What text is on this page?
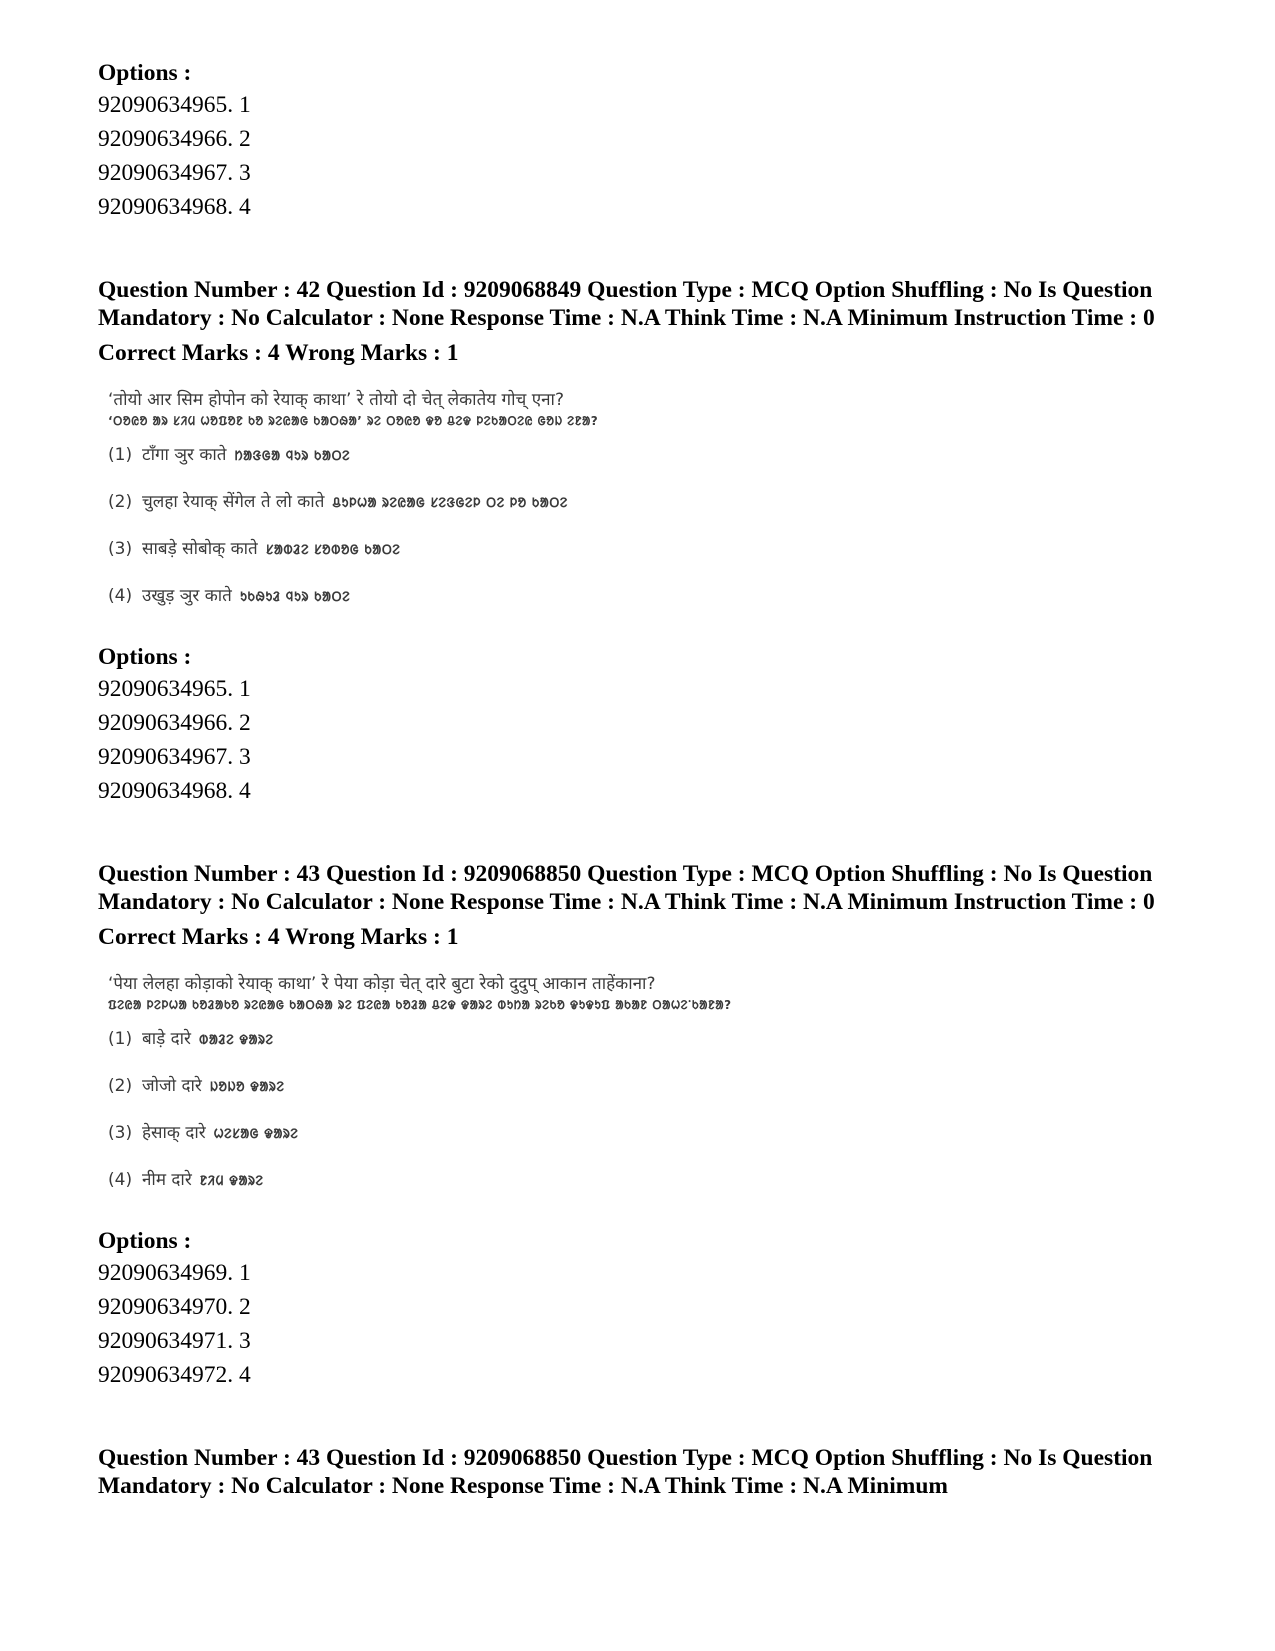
Options :
92090634965. 1
92090634966. 2
92090634967. 3
92090634968. 4
Question Number : 42 Question Id : 9209068849 Question Type : MCQ Option Shuffling : No Is Question Mandatory : No Calculator : None Response Time : N.A Think Time : N.A Minimum Instruction Time : 0
Correct Marks : 4 Wrong Marks : 1
‘तोयो आर सिम होपोन को रेयाक् काथा’ रे तोयो दो चेत् लेकातेय गोच् एना?
‘ᱛᱚᱭᱚ ᱟᱨ ᱥᱤᱢ ᱦᱚᱯᱚᱱ ᱠᱚ ᱨᱮᱭᱟᱜ ᱠᱟᱛᱷᱟ’ ᱨᱮ ᱛᱚᱭᱚ ᱫᱚ ᱪᱮᱫ ᱞᱮᱠᱟᱛᱮᱭ ᱜᱚᱡ ᱮᱱᱟ?
(1) टाँगा ञुर काते ᱴᱟᱝᱜᱟ ᱧᱩᱨ ᱠᱟᱛᱮ
(2) चुलहा रेयाक् सेंगेल ते लो काते ᱪᱩᱞᱦᱟ ᱨᱮᱭᱟᱜ ᱥᱮᱝᱜᱮᱞ ᱛᱮ ᱞᱚ ᱠᱟᱛᱮ
(3) साबड़े सोबोक् काते ᱥᱟᱵᱲᱮ ᱥᱚᱵᱚᱜ ᱠᱟᱛᱮ
(4) उखुड़ ञुर काते ᱩᱠᱷᱩᱲ ᱧᱩᱨ ᱠᱟᱛᱮ
Options :
92090634965. 1
92090634966. 2
92090634967. 3
92090634968. 4
Question Number : 43 Question Id : 9209068850 Question Type : MCQ Option Shuffling : No Is Question Mandatory : No Calculator : None Response Time : N.A Think Time : N.A Minimum Instruction Time : 0
Correct Marks : 4 Wrong Marks : 1
‘पेया लेलहा कोड़ाको रेयाक् काथा’ रे पेया कोड़ा चेत् दारे बुटा रेको दुदुप् आकान ताहेंकाना?
ᱯᱮᱭᱟ ᱞᱮᱞᱦᱟ ᱠᱚᱲᱟᱠᱚ ᱨᱮᱭᱟᱜ ᱠᱟᱛᱷᱟ ᱨᱮ ᱯᱮᱭᱟ ᱠᱚᱲᱟ ᱪᱮᱫ ᱫᱟᱨᱮ ᱵᱩᱴᱟ ᱨᱮᱠᱚ ᱫᱩᱫᱩᱯ ᱟᱠᱟᱱ ᱛᱟᱦᱮᱸᱠᱟᱱᱟ?
(1) बाड़े दारे ᱵᱟᱲᱮ ᱫᱟᱨᱮ
(2) जोजो दारे ᱡᱚᱡᱚ ᱫᱟᱨᱮ
(3) हेसाक् दारे ᱦᱮᱥᱟᱜ ᱫᱟᱨᱮ
(4) नीम दारे ᱱᱤᱢ ᱫᱟᱨᱮ
Options :
92090634969. 1
92090634970. 2
92090634971. 3
92090634972. 4
Question Number : 43 Question Id : 9209068850 Question Type : MCQ Option Shuffling : No Is Question Mandatory : No Calculator : None Response Time : N.A Think Time : N.A Minimum
